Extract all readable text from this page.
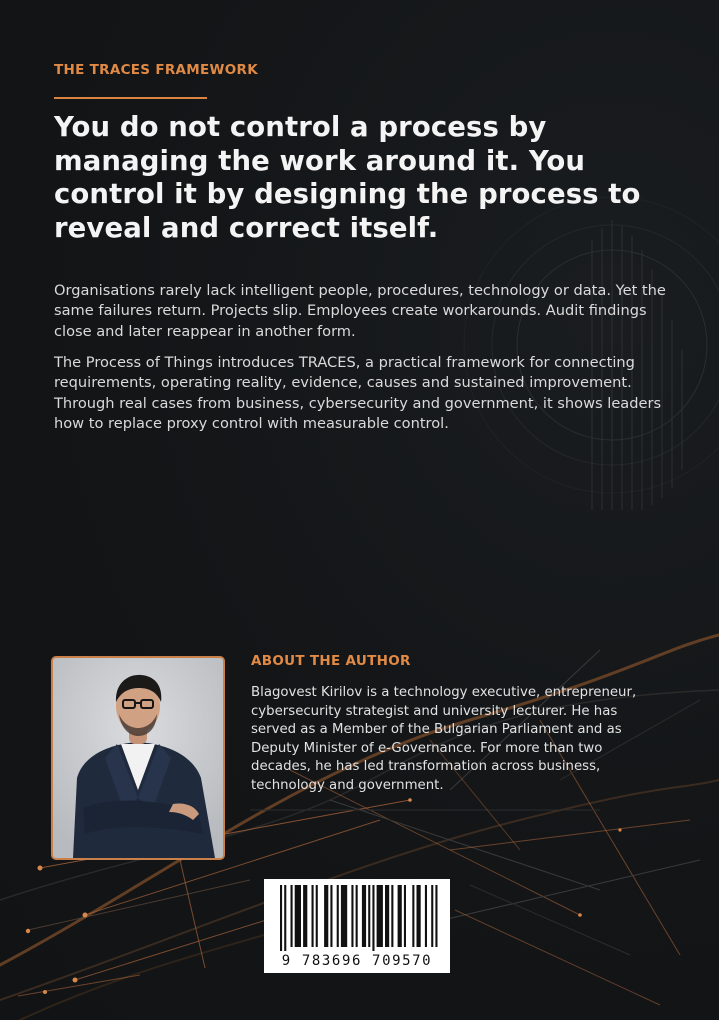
THE TRACES FRAMEWORK

You do not control a process by managing the work around it. You control it by designing the process to reveal and correct itself.

Organisations rarely lack intelligent people, procedures, technology or data. Yet the same failures return. Projects slip. Employees create workarounds. Audit findings close and later reappear in another form.

The Process of Things introduces TRACES, a practical framework for connecting requirements, operating reality, evidence, causes and sustained improvement. Through real cases from business, cybersecurity and government, it shows leaders how to replace proxy control with measurable control.

ABOUT THE AUTHOR

Blagovest Kirilov is a technology executive, entrepreneur, cybersecurity strategist and university lecturer. He has served as a Member of the Bulgarian Parliament and as Deputy Minister of e-Governance. For more than two decades, he has led transformation across business, technology and government.

9 783696 709570
